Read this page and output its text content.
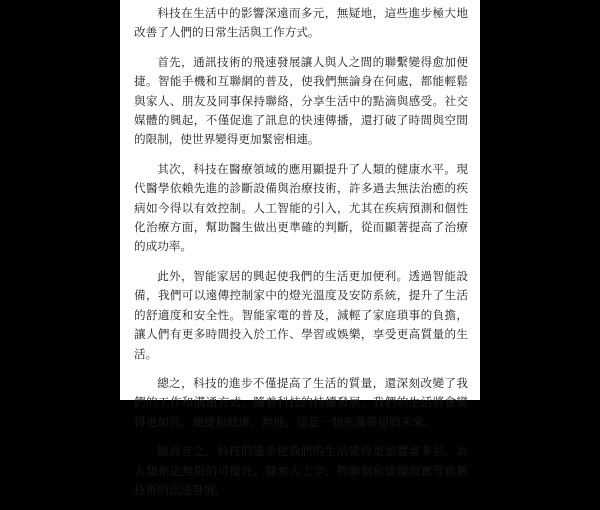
科技在生活中的影響深遠而多元，無疑地，這些進步極大地改善了人們的日常生活與工作方式。

首先，通訊技術的飛速發展讓人與人之間的聯繫變得愈加便捷。智能手機和互聯網的普及，使我們無論身在何處，都能輕鬆與家人、朋友及同事保持聯絡，分享生活中的點滴與感受。社交媒體的興起，不僅促進了訊息的快速傳播，還打破了時間與空間的限制，使世界變得更加緊密相連。

其次，科技在醫療領域的應用顯提升了人類的健康水平。現代醫學依賴先進的診斷設備與治療技術，許多過去無法治癒的疾病如今得以有效控制。人工智能的引入，尤其在疾病預測和個性化治療方面，幫助醫生做出更準確的判斷，從而顯著提高了治療的成功率。

此外，智能家居的興起使我們的生活更加便利。透過智能設備，我們可以遠傳控制家中的燈光溫度及安防系統，提升了生活的舒適度和安全性。智能家電的普及，減輕了家庭瑣事的負擔，讓人們有更多時間投入於工作、學習或娛樂，享受更高質量的生活。

總之，科技的進步不僅提高了生活的質量，還深刻改變了我們的工作和溝通方式。隨着科技的持續發展，我們的生活將會變得更加高、便捷和健康，無地，這是一個充滿希望的未來。

總而言之，科技的進步使我們的生活變得更加豐富多彩，為人類創造無限的可能性。隨着人工字、物聯網和虛擬現實等新興技術的迅速發展，
